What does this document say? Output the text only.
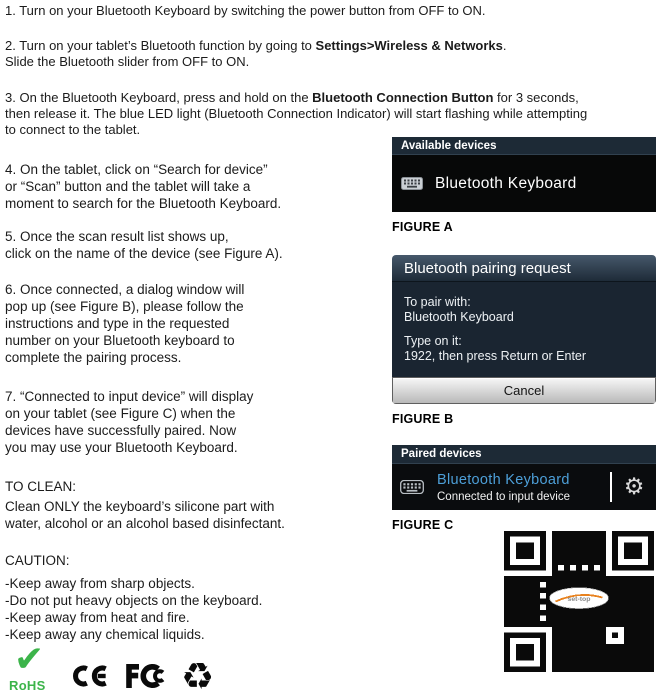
1. Turn on your Bluetooth Keyboard by switching the power button from OFF to ON.
2. Turn on your tablet’s Bluetooth function by going to Settings>Wireless & Networks.
Slide the Bluetooth slider from OFF to ON.
3. On the Bluetooth Keyboard, press and hold on the Bluetooth Connection Button for 3 seconds,
then release it. The blue LED light (Bluetooth Connection Indicator) will start flashing while attempting
to connect to the tablet.
4. On the tablet, click on “Search for device”
or “Scan” button and the tablet will take a
moment to search for the Bluetooth Keyboard.
5. Once the scan result list shows up,
click on the name of the device (see Figure A).
6. Once connected, a dialog window will
pop up (see Figure B), please follow the
instructions and type in the requested
number on your Bluetooth keyboard to
complete the pairing process.
7. “Connected to input device” will display
on your tablet (see Figure C) when the
devices have successfully paired. Now
you may use your Bluetooth Keyboard.
TO CLEAN:
Clean ONLY the keyboard’s silicone part with
water, alcohol or an alcohol based disinfectant.
CAUTION:
-Keep away from sharp objects.
-Do not put heavy objects on the keyboard.
-Keep away from heat and fire.
-Keep away any chemical liquids.
Available devices
Bluetooth Keyboard
FIGURE A
Bluetooth pairing request
To pair with:
Bluetooth Keyboard
Type on it:
1922, then press Return or Enter
Cancel
FIGURE B
Paired devices
Bluetooth Keyboard
Connected to input device	⚙
FIGURE C
set-top
✔
RoHS	♻
